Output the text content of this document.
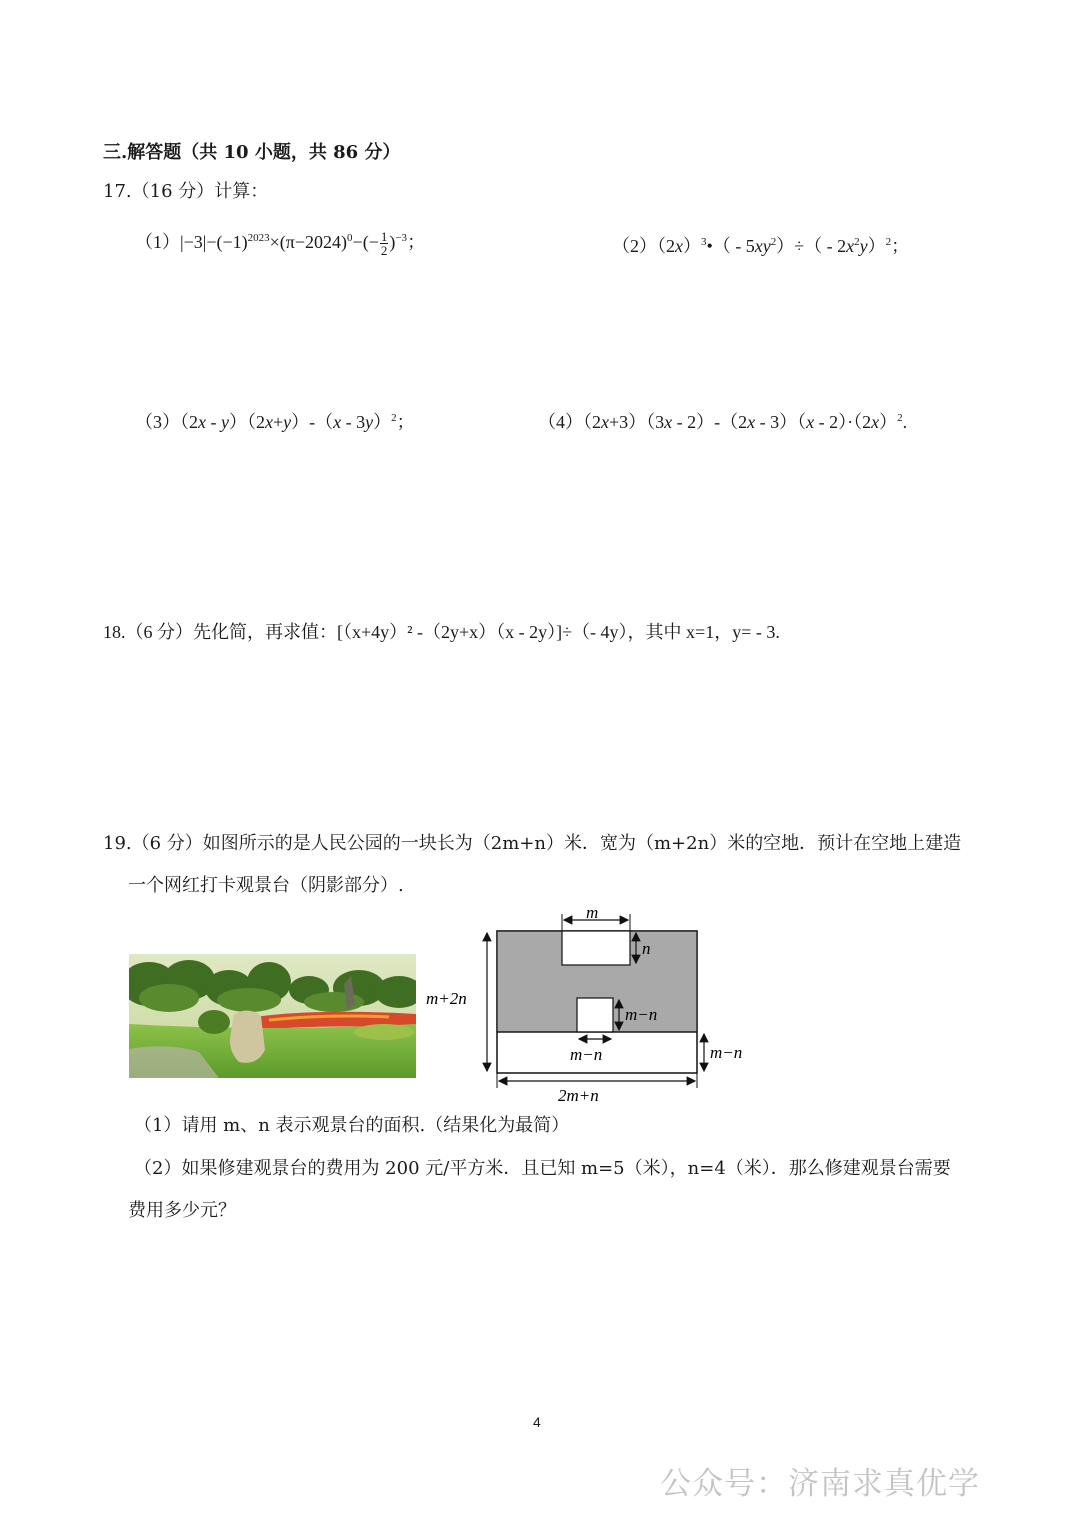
三.解答题（共 10 小题，共 86 分）
17.（16 分）计算：
$(1)|-3|-(-1)^{2023}\times(\pi-2024)^0-(- \frac{1}{2} )^{-3}$；	$(2)(2x)^3•( - 5xy^2)\div( - 2x^2y)^2$；
（3）（2x - y）（2x+y）-（x - 3y）$^2$；	$(4)(2x+3)(3x - 2)-(2x - 3)(x - 2)\cdot(2x)^2$.
18.（6 分）先化简，再求值：[（x+4y）² -（2y+x）（x - 2y）]÷（- 4y），其中 x=1，y= - 3.
19.（6 分）如图所示的是人民公园的一块长为（2m+n）米．宽为（m+2n）米的空地．预计在空地上建造
一个网红打卡观景台（阴影部分）.
m
n
m+2n
m−n
m−n	m−n
2m+n
（1）请用 m、n 表示观景台的面积.（结果化为最简）
（2）如果修建观景台的费用为 200 元/平方米．且已知 m=5（米），n=4（米）．那么修建观景台需要
费用多少元？
4
公众号：济南求真优学
